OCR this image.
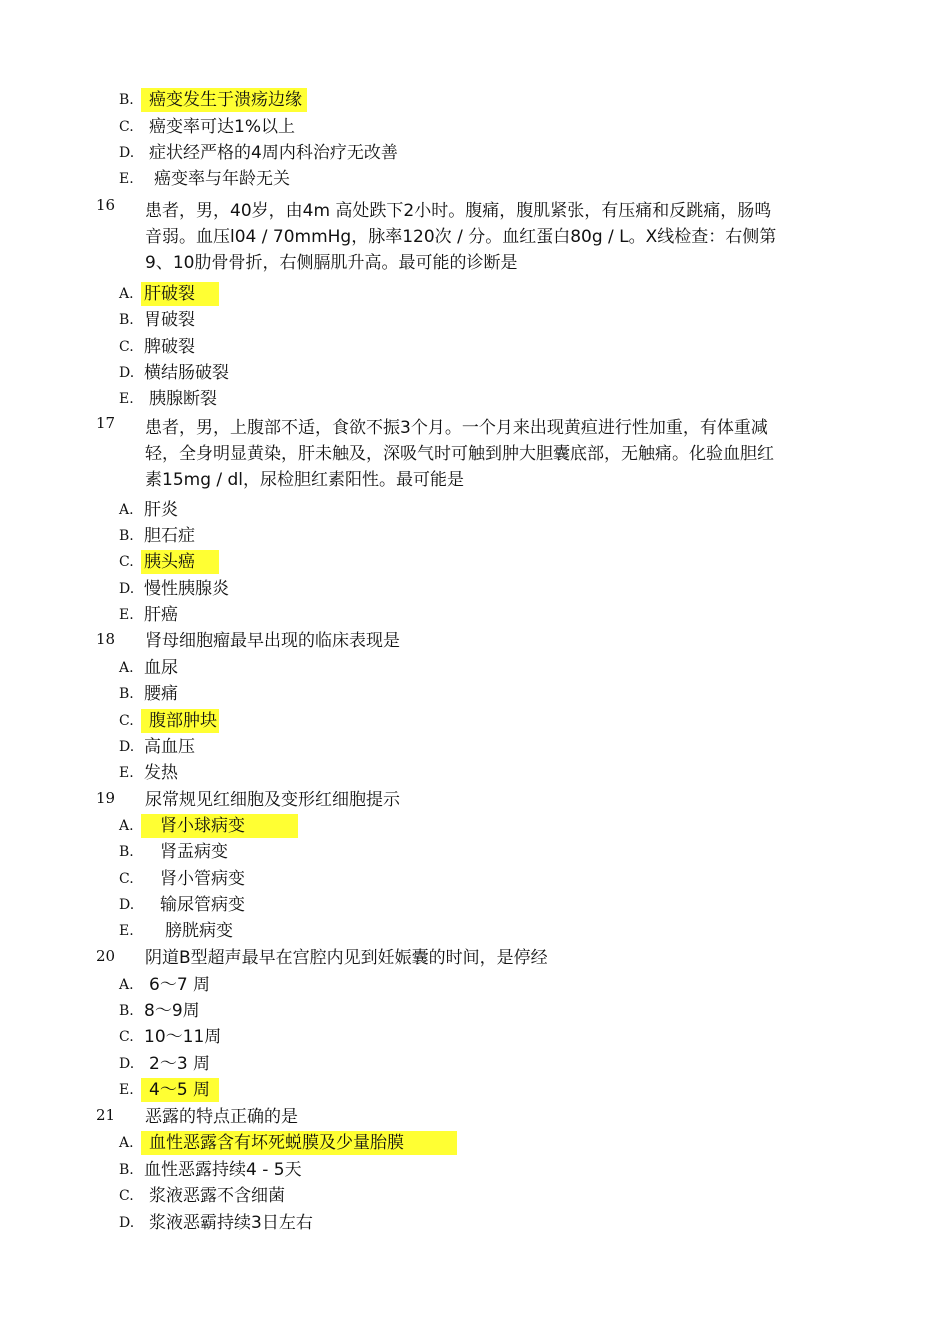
B. 癌变发生于溃疡边缘
C. 癌变率可达1%以上
D. 症状经严格的4周内科治疗无改善
E.	癌变率与年龄无关
16 患者，男，40岁，由4m 高处跌下2小时。腹痛，腹肌紧张，有压痛和反跳痛，肠鸣音弱。血压l04 / 70mmHg，脉率120次 / 分。血红蛋白80g / L。X线检查：右侧第9、10肋骨骨折，右侧膈肌升高。最可能的诊断是
A. 肝破裂
B. 胃破裂
C. 脾破裂
D. 横结肠破裂
E. 胰腺断裂
17 患者，男，上腹部不适，食欲不振3个月。一个月来出现黄疸进行性加重，有体重减轻，全身明显黄染，肝未触及，深吸气时可触到肿大胆囊底部，无触痛。化验血胆红素15mg / dl，尿检胆红素阳性。最可能是
A. 肝炎
B. 胆石症
C. 胰头癌
D. 慢性胰腺炎
E. 肝癌
18 肾母细胞瘤最早出现的临床表现是
A. 血尿
B. 腰痛
C. 腹部肿块
D. 高血压
E. 发热
19 尿常规见红细胞及变形红细胞提示
A.	肾小球病变
B.	肾盂病变
C.	肾小管病变
D.	输尿管病变
E.	膀胱病变
20 阴道B型超声最早在宫腔内见到妊娠囊的时间，是停经
A. 6～7 周
B. 8〜9周
C. 10～11周
D. 2～3 周
E. 4～5 周
21 恶露的特点正确的是
A. 血性恶露含有坏死蜕膜及少量胎膜
B. 血性恶露持续4 - 5天
C. 浆液恶露不含细菌
D. 浆液恶霸持续3日左右
